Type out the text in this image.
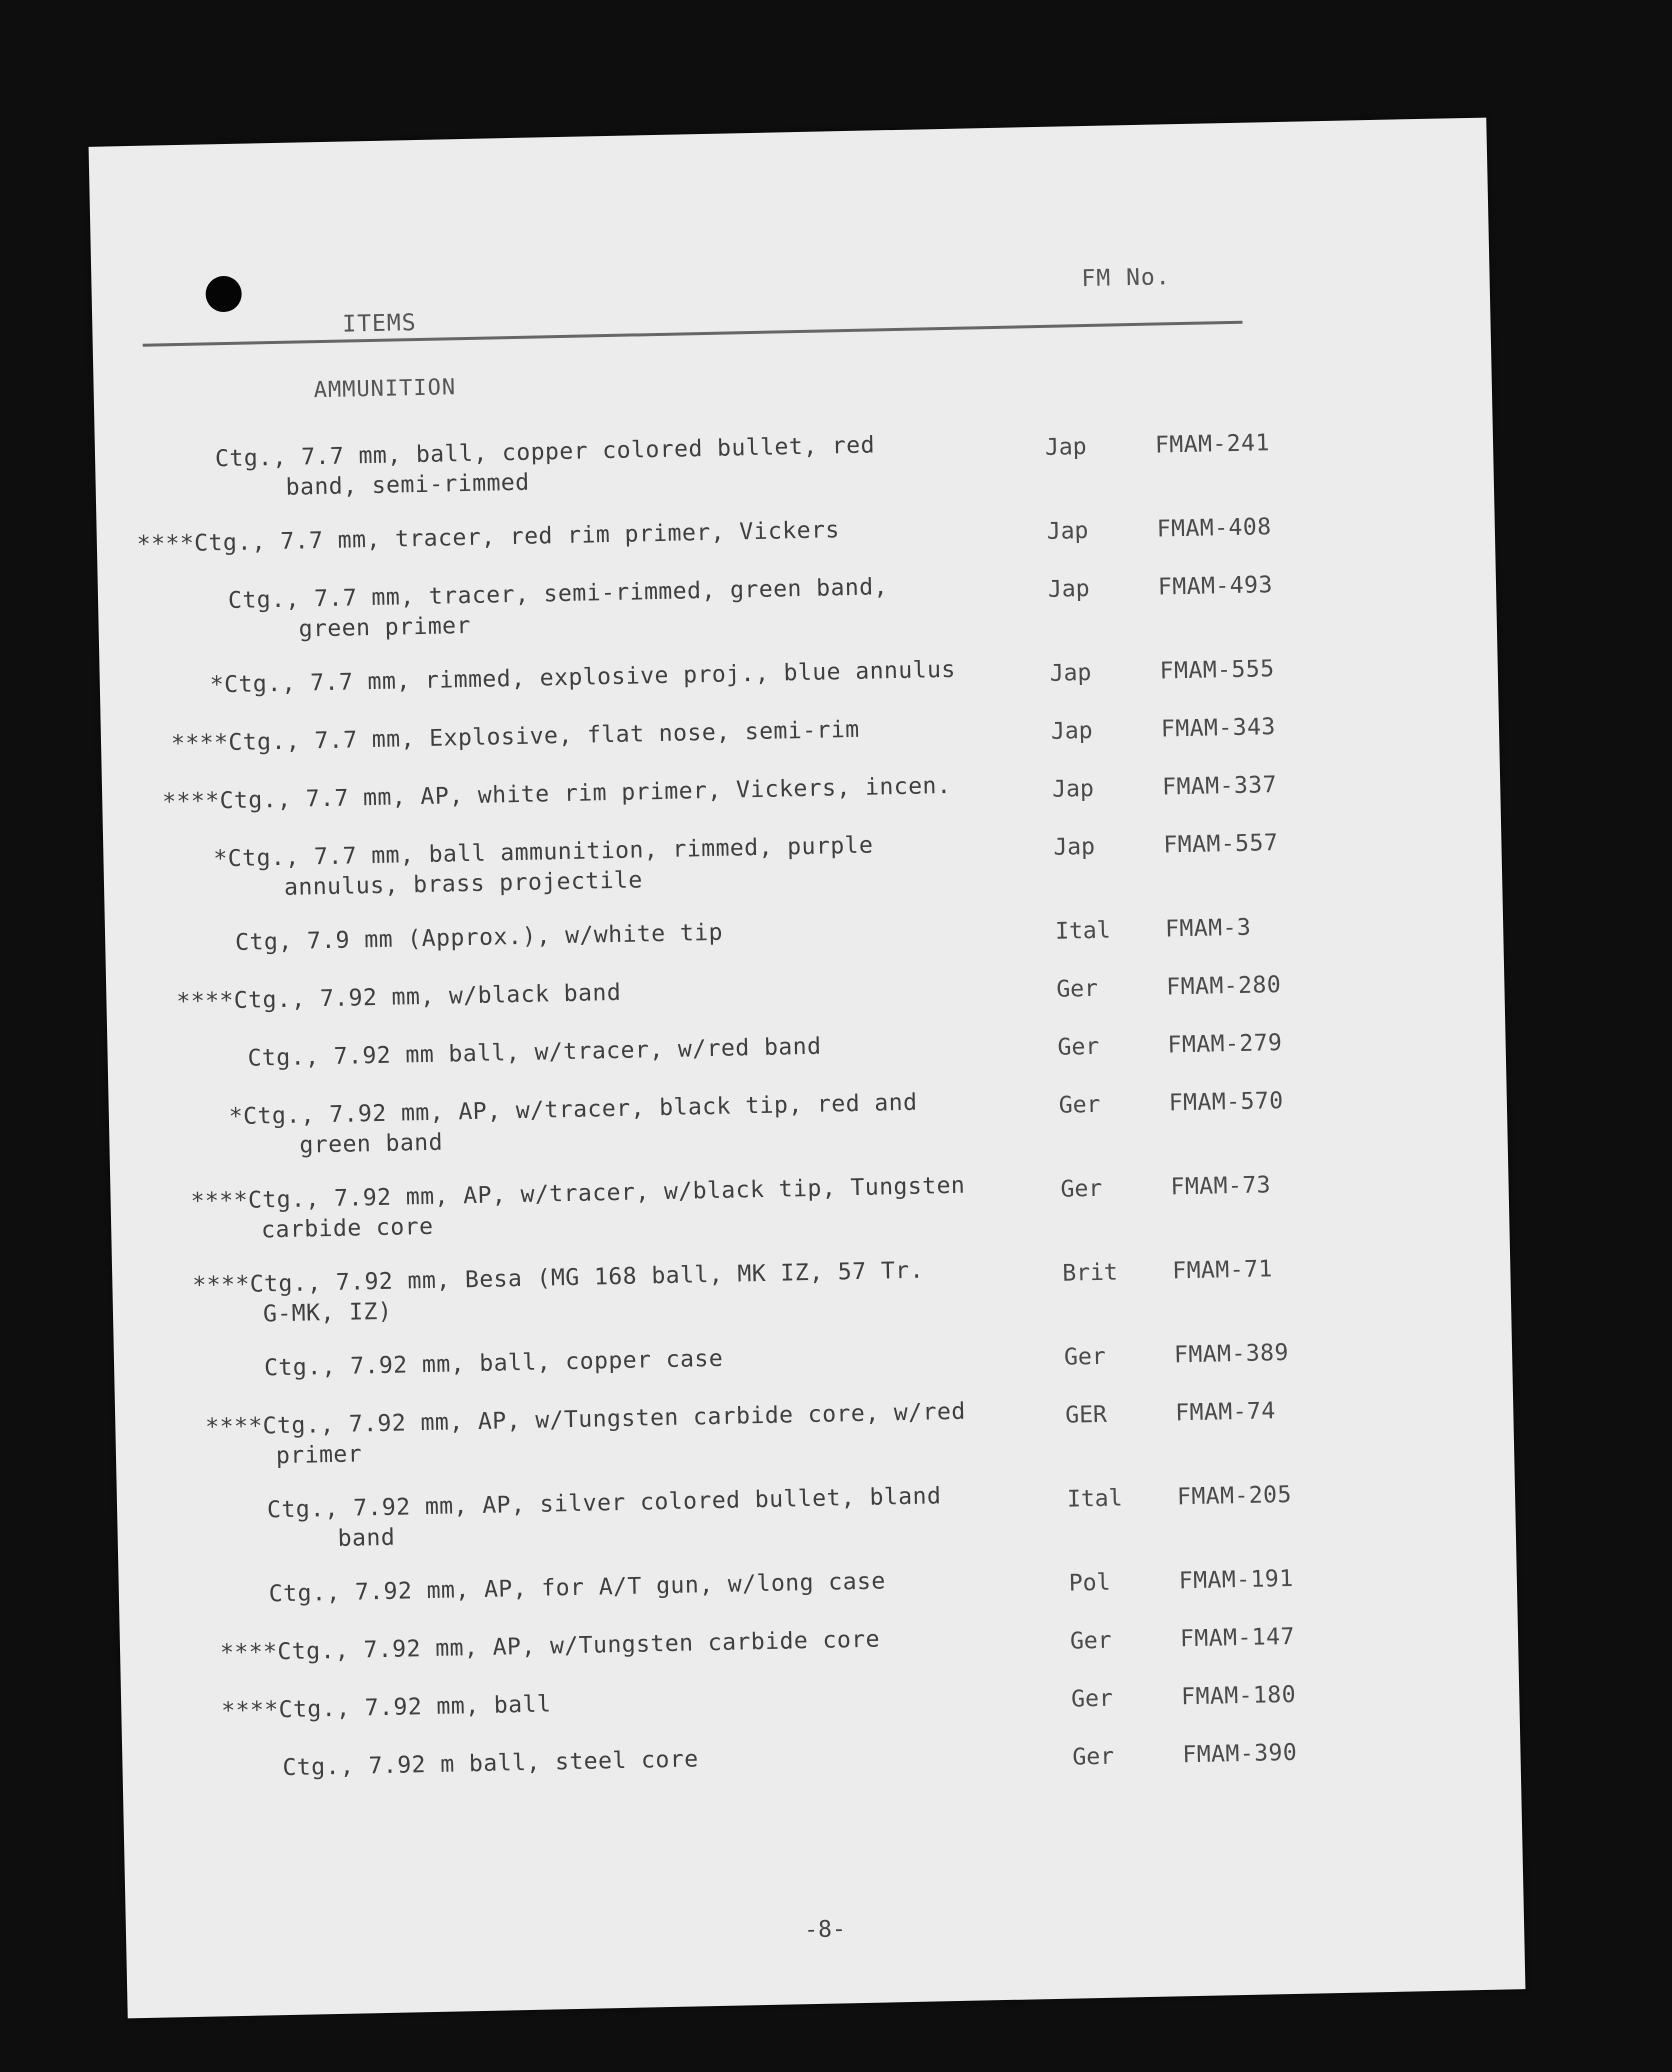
ITEMS
FM No.
AMMUNITION
Ctg., 7.7 mm, ball, copper colored bullet, red
band, semi-rimmed
Jap	FMAM-241
****Ctg., 7.7 mm, tracer, red rim primer, Vickers	Jap	FMAM-408
Ctg., 7.7 mm, tracer, semi-rimmed, green band,
green primer
Jap	FMAM-493
*Ctg., 7.7 mm, rimmed, explosive proj., blue annulus	Jap	FMAM-555
****Ctg., 7.7 mm, Explosive, flat nose, semi-rim	Jap	FMAM-343
****Ctg., 7.7 mm, AP, white rim primer, Vickers, incen.	Jap	FMAM-337
*Ctg., 7.7 mm, ball ammunition, rimmed, purple
annulus, brass projectile
Jap	FMAM-557
Ctg, 7.9 mm (Approx.), w/white tip	Ital FMAM-3
****Ctg., 7.92 mm, w/black band	Ger	FMAM-280
Ctg., 7.92 mm ball, w/tracer, w/red band	Ger	FMAM-279
*Ctg., 7.92 mm, AP, w/tracer, black tip, red and
green band
Ger	FMAM-570
****Ctg., 7.92 mm, AP, w/tracer, w/black tip, Tungsten
carbide core
Ger	FMAM-73
****Ctg., 7.92 mm, Besa (MG 168 ball, MK IZ, 57 Tr.
G-MK, IZ)
Brit FMAM-71
Ctg., 7.92 mm, ball, copper case	Ger	FMAM-389
****Ctg., 7.92 mm, AP, w/Tungsten carbide core, w/red
primer
GER	FMAM-74
Ctg., 7.92 mm, AP, silver colored bullet, bland
band
Ital FMAM-205
Ctg., 7.92 mm, AP, for A/T gun, w/long case	Pol	FMAM-191
****Ctg., 7.92 mm, AP, w/Tungsten carbide core	Ger	FMAM-147
****Ctg., 7.92 mm, ball	Ger	FMAM-180
Ctg., 7.92 m ball, steel core	Ger	FMAM-390
-8-
